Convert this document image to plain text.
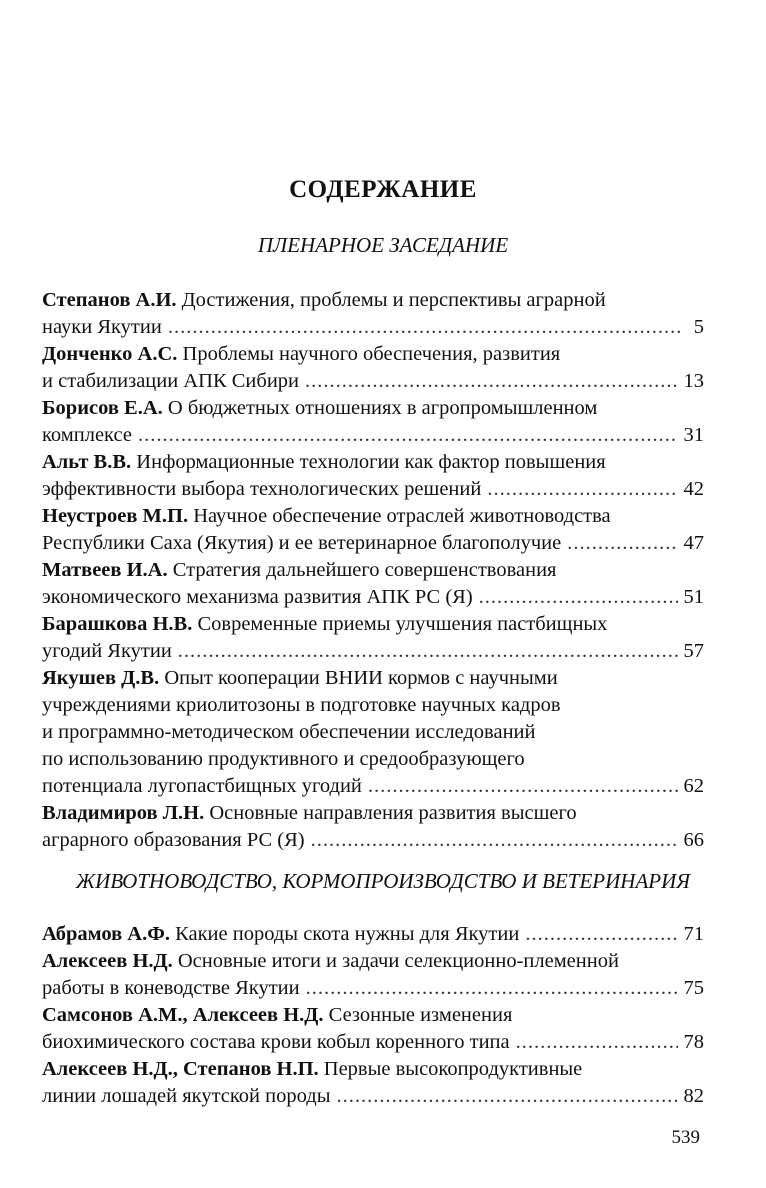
СОДЕРЖАНИЕ
ПЛЕНАРНОЕ ЗАСЕДАНИЕ
Степанов А.И. Достижения, проблемы и перспективы аграрной
науки Якутии .....	5
Донченко А.С. Проблемы научного обеспечения, развития
и стабилизации АПК Сибири .....	13
Борисов Е.А. О бюджетных отношениях в агропромышленном
комплексе .....	31
Альт В.В. Информационные технологии как фактор повышения
эффективности выбора технологических решений .....	42
Неустроев М.П. Научное обеспечение отраслей животноводства
Республики Саха (Якутия) и ее ветеринарное благополучие .....	47
Матвеев И.А. Стратегия дальнейшего совершенствования
экономического механизма развития АПК РС (Я) .....	51
Барашкова Н.В. Современные приемы улучшения пастбищных
угодий Якутии .....	57
Якушев Д.В. Опыт кооперации ВНИИ кормов с научными
учреждениями криолитозоны в подготовке научных кадров
и программно-методическом обеспечении исследований
по использованию продуктивного и средообразующего
потенциала лугопастбищных угодий .....	62
Владимиров Л.Н. Основные направления развития высшего
аграрного образования РС (Я) .....	66
ЖИВОТНОВОДСТВО, КОРМОПРОИЗВОДСТВО И ВЕТЕРИНАРИЯ
Абрамов А.Ф. Какие породы скота нужны для Якутии .....	71
Алексеев Н.Д. Основные итоги и задачи селекционно-племенной
работы в коневодстве Якутии .....	75
Самсонов А.М., Алексеев Н.Д. Сезонные изменения
биохимического состава крови кобыл коренного типа .....	78
Алексеев Н.Д., Степанов Н.П. Первые высокопродуктивные
линии лошадей якутской породы .....	82
539
